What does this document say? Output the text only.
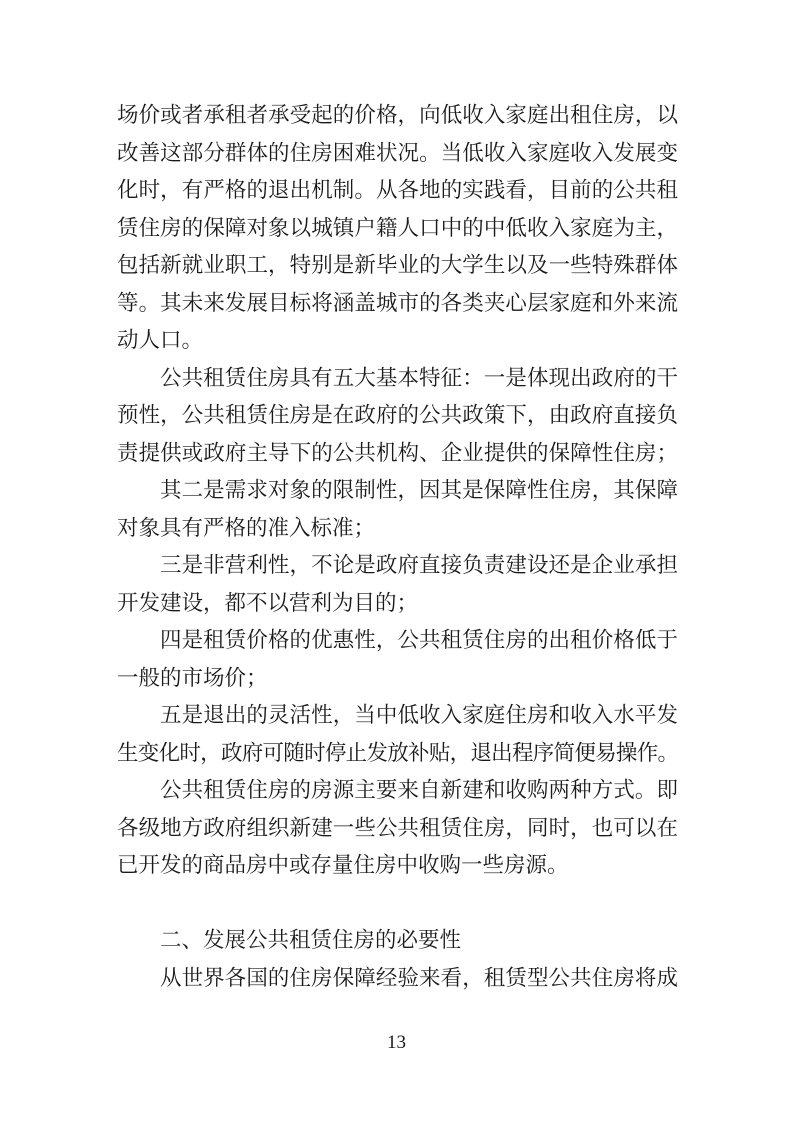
场价或者承租者承受起的价格，向低收入家庭出租住房，以
改善这部分群体的住房困难状况。当低收入家庭收入发展变
化时，有严格的退出机制。从各地的实践看，目前的公共租
赁住房的保障对象以城镇户籍人口中的中低收入家庭为主，
包括新就业职工，特别是新毕业的大学生以及一些特殊群体
等。其未来发展目标将涵盖城市的各类夹心层家庭和外来流
动人口。
公共租赁住房具有五大基本特征：一是体现出政府的干
预性，公共租赁住房是在政府的公共政策下，由政府直接负
责提供或政府主导下的公共机构、企业提供的保障性住房；
其二是需求对象的限制性，因其是保障性住房，其保障
对象具有严格的准入标准；
三是非营利性，不论是政府直接负责建设还是企业承担
开发建设，都不以营利为目的；
四是租赁价格的优惠性，公共租赁住房的出租价格低于
一般的市场价；
五是退出的灵活性，当中低收入家庭住房和收入水平发
生变化时，政府可随时停止发放补贴，退出程序简便易操作。
公共租赁住房的房源主要来自新建和收购两种方式。即
各级地方政府组织新建一些公共租赁住房，同时，也可以在
已开发的商品房中或存量住房中收购一些房源。
二、发展公共租赁住房的必要性
从世界各国的住房保障经验来看，租赁型公共住房将成
13
